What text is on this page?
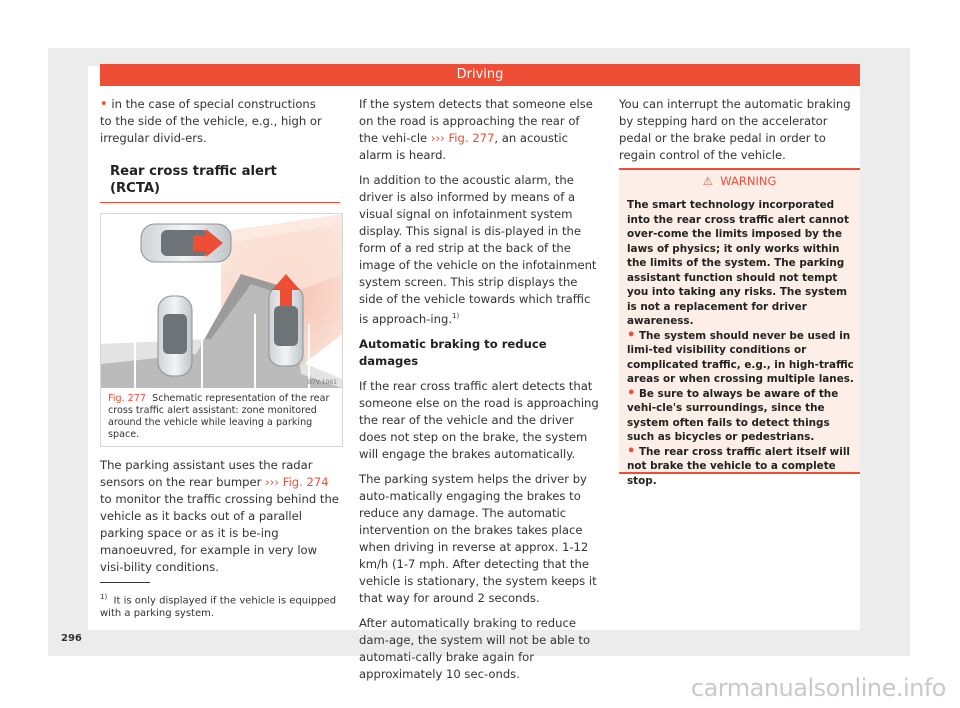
Driving

• in the case of special constructions to the side of the vehicle, e.g., high or irregular divid-ers.

Rear cross traffic alert (RCTA)
B7V-1061
Fig. 277 Schematic representation of the rear cross traffic alert assistant: zone monitored around the vehicle while leaving a parking space.

The parking assistant uses the radar sensors on the rear bumper ››› Fig. 274 to monitor the traffic crossing behind the vehicle as it backs out of a parallel parking space or as it is be-ing manoeuvred, for example in very low visi-bility conditions.

If the system detects that someone else on the road is approaching the rear of the vehi-cle ››› Fig. 277, an acoustic alarm is heard.

In addition to the acoustic alarm, the driver is also informed by means of a visual signal on infotainment system display. This signal is dis-played in the form of a red strip at the back of the image of the vehicle on the infotainment system screen. This strip displays the side of the vehicle towards which traffic is approach-ing.$^{1)}$

Automatic braking to reduce damages

If the rear cross traffic alert detects that someone else on the road is approaching the rear of the vehicle and the driver does not step on the brake, the system will engage the brakes automatically.

The parking system helps the driver by auto-matically engaging the brakes to reduce any damage. The automatic intervention on the brakes takes place when driving in reverse at approx. 1-12 km/h (1-7 mph. After detecting that the vehicle is stationary, the system keeps it that way for around 2 seconds.

After automatically braking to reduce dam-age, the system will not be able to automati-cally brake again for approximately 10 sec-onds.

You can interrupt the automatic braking by stepping hard on the accelerator pedal or the brake pedal in order to regain control of the vehicle.

⚠ WARNING

The smart technology incorporated into the rear cross traffic alert cannot over-come the limits imposed by the laws of physics; it only works within the limits of the system. The parking assistant function should not tempt you into taking any risks. The system is not a replacement for driver awareness.

• The system should never be used in limi-ted visibility conditions or complicated traffic, e.g., in high-traffic areas or when crossing multiple lanes.

• Be sure to always be aware of the vehi-cle's surroundings, since the system often fails to detect things such as bicycles or pedestrians.

• The rear cross traffic alert itself will not brake the vehicle to a complete stop.

$^{1)}$ It is only displayed if the vehicle is equipped with a parking system.
296
carmanualsonline.info
